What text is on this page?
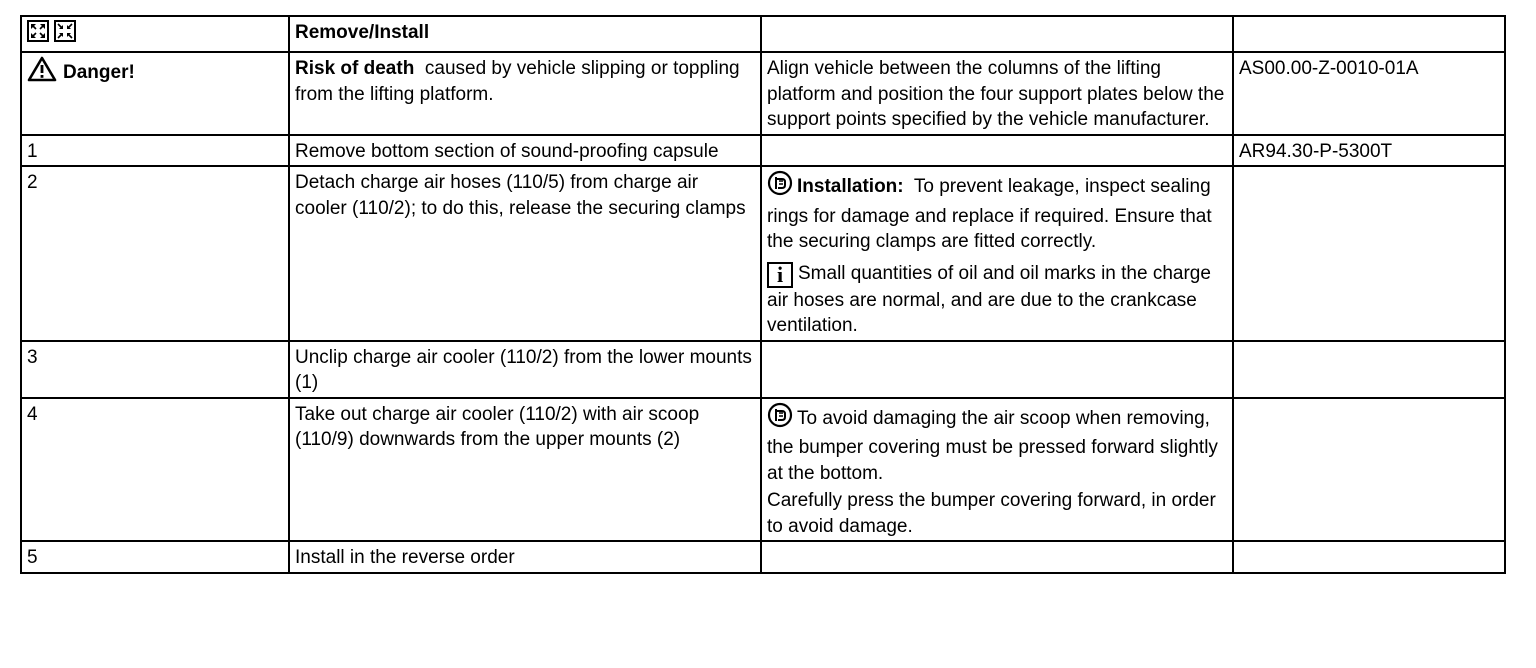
	Remove/Install		
Danger!	Risk of death caused by vehicle slipping or toppling from the lifting platform.	Align vehicle between the columns of the lifting platform and position the four support plates below the support points specified by the vehicle manufacturer.	AS00.00-Z-0010-01A
1	Remove bottom section of sound-proofing capsule		AR94.30-P-5300T
2	Detach charge air hoses (110/5) from charge air cooler (110/2); to do this, release the securing clamps	Installation: To prevent leakage, inspect sealing rings for damage and replace if required. Ensure that the securing clamps are fitted correctly.
i Small quantities of oil and oil marks in the charge air hoses are normal, and are due to the crankcase ventilation.	

3	Unclip charge air cooler (110/2) from the lower mounts (1)		
4	Take out charge air cooler (110/2) with air scoop (110/9) downwards from the upper mounts (2)	To avoid damaging the air scoop when removing, the bumper covering must be pressed forward slightly at the bottom.
Carefully press the bumper covering forward, in order to avoid damage.	

5	Install in the reverse order		
